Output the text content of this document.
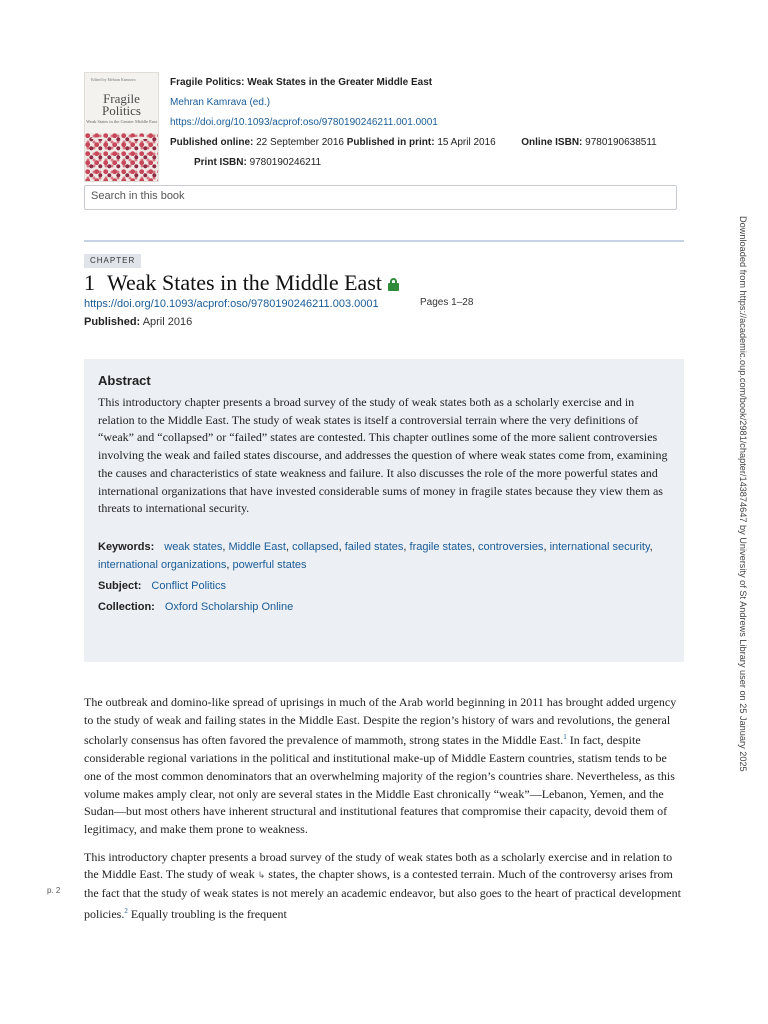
Edited by Mehran Kamrava
Fragile
Politics
Weak States in the Greater Middle East
Fragile Politics: Weak States in the Greater Middle East
Mehran Kamrava (ed.)
https://doi.org/10.1093/acprof:oso/9780190246211.001.0001
Published online: 22 September 2016 Published in print: 15 April 2016	Online ISBN: 9780190638511
Print ISBN: 9780190246211
Search in this book
CHAPTER
1 Weak States in the Middle East
https://doi.org/10.1093/acprof:oso/9780190246211.003.0001	Pages 1–28
Published: April 2016
Abstract

This introductory chapter presents a broad survey of the study of weak states both as a scholarly exercise and in relation to the Middle East. The study of weak states is itself a controversial terrain where the very definitions of “weak” and “collapsed” or “failed” states are contested. This chapter outlines some of the more salient controversies involving the weak and failed states discourse, and addresses the question of where weak states come from, examining the causes and characteristics of state weakness and failure. It also discusses the role of the more powerful states and international organizations that have invested considerable sums of money in fragile states because they view them as threats to international security.

Keywords: weak states, Middle East, collapsed, failed states, fragile states, controversies, international security, international organizations, powerful states
Subject: Conflict Politics
Collection: Oxford Scholarship Online

The outbreak and domino-like spread of uprisings in much of the Arab world beginning in 2011 has brought added urgency to the study of weak and failing states in the Middle East. Despite the region’s history of wars and revolutions, the general scholarly consensus has often favored the prevalence of mammoth, strong states in the Middle East.$^1$ In fact, despite considerable regional variations in the political and institutional make-up of Middle Eastern countries, statism tends to be one of the most common denominators that an overwhelming majority of the region’s countries share. Nevertheless, as this volume makes amply clear, not only are several states in the Middle East chronically “weak”—Lebanon, Yemen, and the Sudan—but most others have inherent structural and institutional features that compromise their capacity, devoid them of legitimacy, and make them prone to weakness.

This introductory chapter presents a broad survey of the study of weak states both as a scholarly exercise and in relation to the Middle East. The study of weak ↳ states, the chapter shows, is a contested terrain. Much of the controversy arises from the fact that the study of weak states is not merely an academic endeavor, but also goes to the heart of practical development policies.$^2$ Equally troubling is the frequent

p. 2
Downloaded from https://academic.oup.com/book/2981/chapter/143874647 by University of St Andrews Library user on 25 January 2025
